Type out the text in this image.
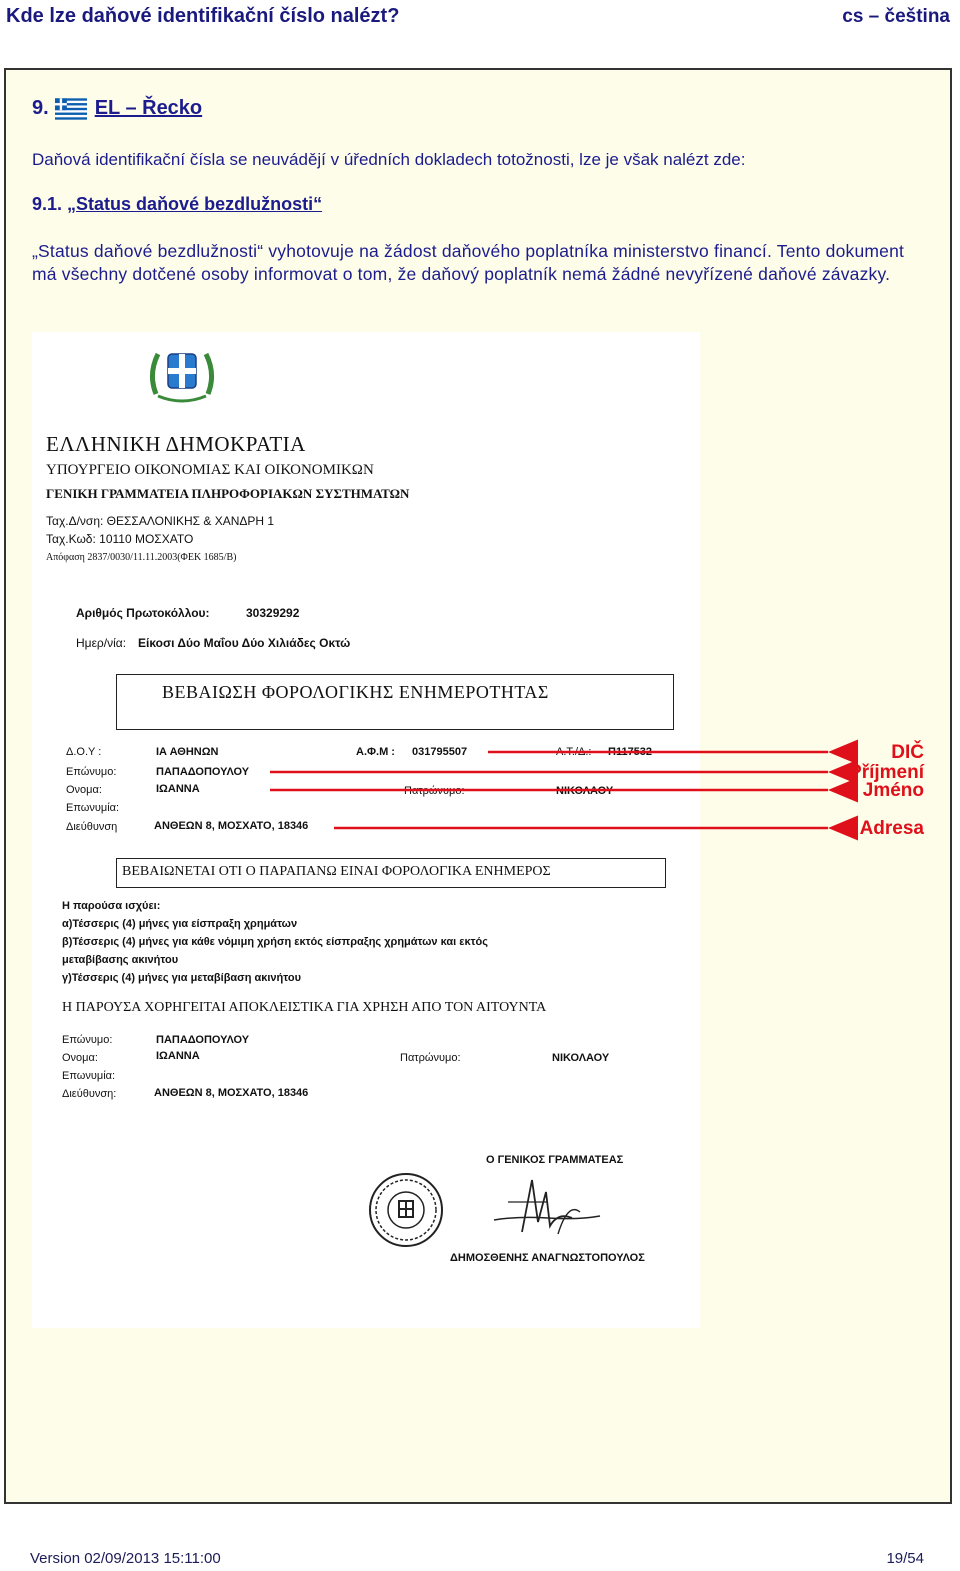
Kde lze daňové identifikační číslo nalézt?	cs – čeština
9. EL – Řecko
Daňová identifikační čísla se neuvádějí v úředních dokladech totožnosti, lze je však nalézt zde:
9.1. „Status daňové bezdlužnosti“
„Status daňové bezdlužnosti“ vyhotovuje na žádost daňového poplatníka ministerstvo financí. Tento dokument má všechny dotčené osoby informovat o tom, že daňový poplatník nemá žádné nevyřízené daňové závazky.
ΕΛΛΗΝΙΚΗ ΔΗΜΟΚΡΑΤΙΑ
ΥΠΟΥΡΓΕΙΟ ΟΙΚΟΝΟΜΙΑΣ ΚΑΙ ΟΙΚΟΝΟΜΙΚΩΝ
ΓΕΝΙΚΗ ΓΡΑΜΜΑΤΕΙΑ ΠΛΗΡΟΦΟΡΙΑΚΩΝ ΣΥΣΤΗΜΑΤΩΝ
Ταχ.Δ/νση: ΘΕΣΣΑΛΟΝΙΚΗΣ & ΧΑΝΔΡΗ 1
Ταχ.Κωδ: 10110 ΜΟΣΧΑΤΟ
Απόφαση 2837/0030/11.11.2003(ΦΕΚ 1685/Β)
Αριθμός Πρωτοκόλλου:	30329292
Ημερ/νία: Είκοσι Δύο Μαΐου Δύο Χιλιάδες Οκτώ
ΒΕΒΑΙΩΣΗ ΦΟΡΟΛΟΓΙΚΗΣ ΕΝΗΜΕΡΟΤΗΤΑΣ
Δ.Ο.Υ :	ΙΑ ΑΘΗΝΩΝ	Α.Φ.Μ : 031795507	Α.Τ./Δ.: Π117532
Επώνυμο:	ΠΑΠΑΔΟΠΟΥΛΟΥ
Ονομα:	ΙΩΑΝΝΑ	Πατρώνυμο:	ΝΙΚΟΛΑΟΥ
Επωνυμία:
Διεύθυνση	ΑΝΘΕΩΝ 8, ΜΟΣΧΑΤΟ, 18346
ΒΕΒΑΙΩΝΕΤΑΙ ΟΤΙ Ο ΠΑΡΑΠΑΝΩ ΕΙΝΑΙ ΦΟΡΟΛΟΓΙΚΑ ΕΝΗΜΕΡΟΣ
Η παρούσα ισχύει:
α)Τέσσερις (4) μήνες για είσπραξη χρημάτων
β)Τέσσερις (4) μήνες για κάθε νόμιμη χρήση εκτός είσπραξης χρημάτων και εκτός
μεταβίβασης ακινήτου
γ)Τέσσερις (4) μήνες για μεταβίβαση ακινήτου
Η ΠΑΡΟΥΣΑ ΧΟΡΗΓΕΙΤΑΙ ΑΠΟΚΛΕΙΣΤΙΚΑ ΓΙΑ ΧΡΗΣΗ ΑΠΟ ΤΟΝ ΑΙΤΟΥΝΤΑ
Επώνυμο:	ΠΑΠΑΔΟΠΟΥΛΟΥ
Ονομα:	ΙΩΑΝΝΑ	Πατρώνυμο:	ΝΙΚΟΛΑΟΥ
Επωνυμία:
Διεύθυνση:	ΑΝΘΕΩΝ 8, ΜΟΣΧΑΤΟ, 18346
Ο ΓΕΝΙΚΟΣ ΓΡΑΜΜΑΤΕΑΣ
ΔΗΜΟΣΘΕΝΗΣ ΑΝΑΓΝΩΣΤΟΠΟΥΛΟΣ
DIČ
Příjmení
Jméno
Adresa
Version 02/09/2013 15:11:00	19/54
